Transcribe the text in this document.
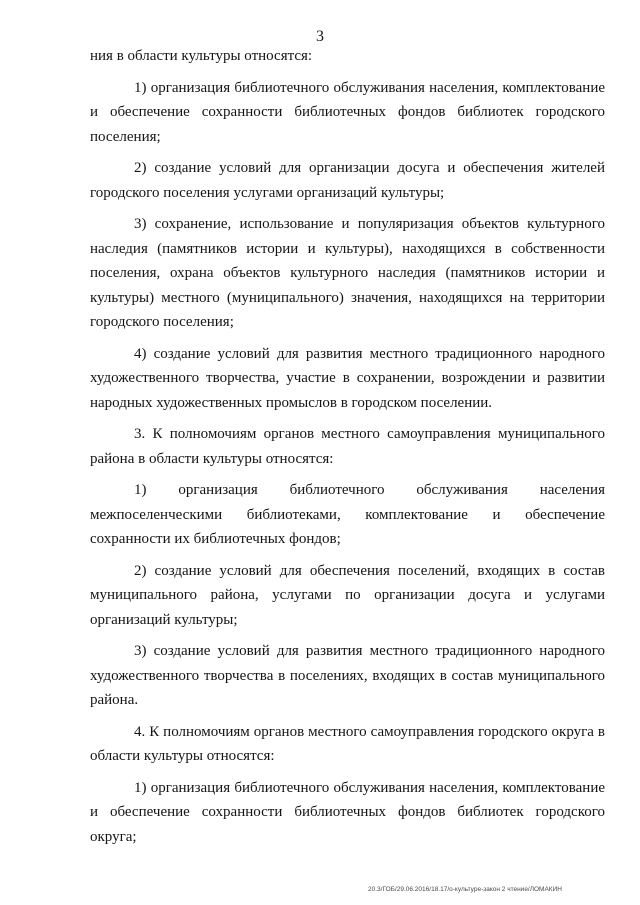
3

ния в области культуры относятся:

1) организация библиотечного обслуживания населения, комплектование и обеспечение сохранности библиотечных фондов библиотек городского поселения;

2) создание условий для организации досуга и обеспечения жителей городского поселения услугами организаций культуры;

3) сохранение, использование и популяризация объектов культурного наследия (памятников истории и культуры), находящихся в собственности поселения, охрана объектов культурного наследия (памятников истории и культуры) местного (муниципального) значения, находящихся на территории городского поселения;

4) создание условий для развития местного традиционного народного художественного творчества, участие в сохранении, возрождении и развитии народных художественных промыслов в городском поселении.

3. К полномочиям органов местного самоуправления муниципального района в области культуры относятся:

1) организация библиотечного обслуживания населения межпоселенческими библиотеками, комплектование и обеспечение сохранности их библиотечных фондов;

2) создание условий для обеспечения поселений, входящих в состав муниципального района, услугами по организации досуга и услугами организаций культуры;

3) создание условий для развития местного традиционного народного художественного творчества в поселениях, входящих в состав муниципального района.

4. К полномочиям органов местного самоуправления городского округа в области культуры относятся:

1) организация библиотечного обслуживания населения, комплектование и обеспечение сохранности библиотечных фондов библиотек городского округа;

20.3/ГОБ/29.06.2016/18.17/о-культуре-закон 2 чтение/ЛОМАКИН
